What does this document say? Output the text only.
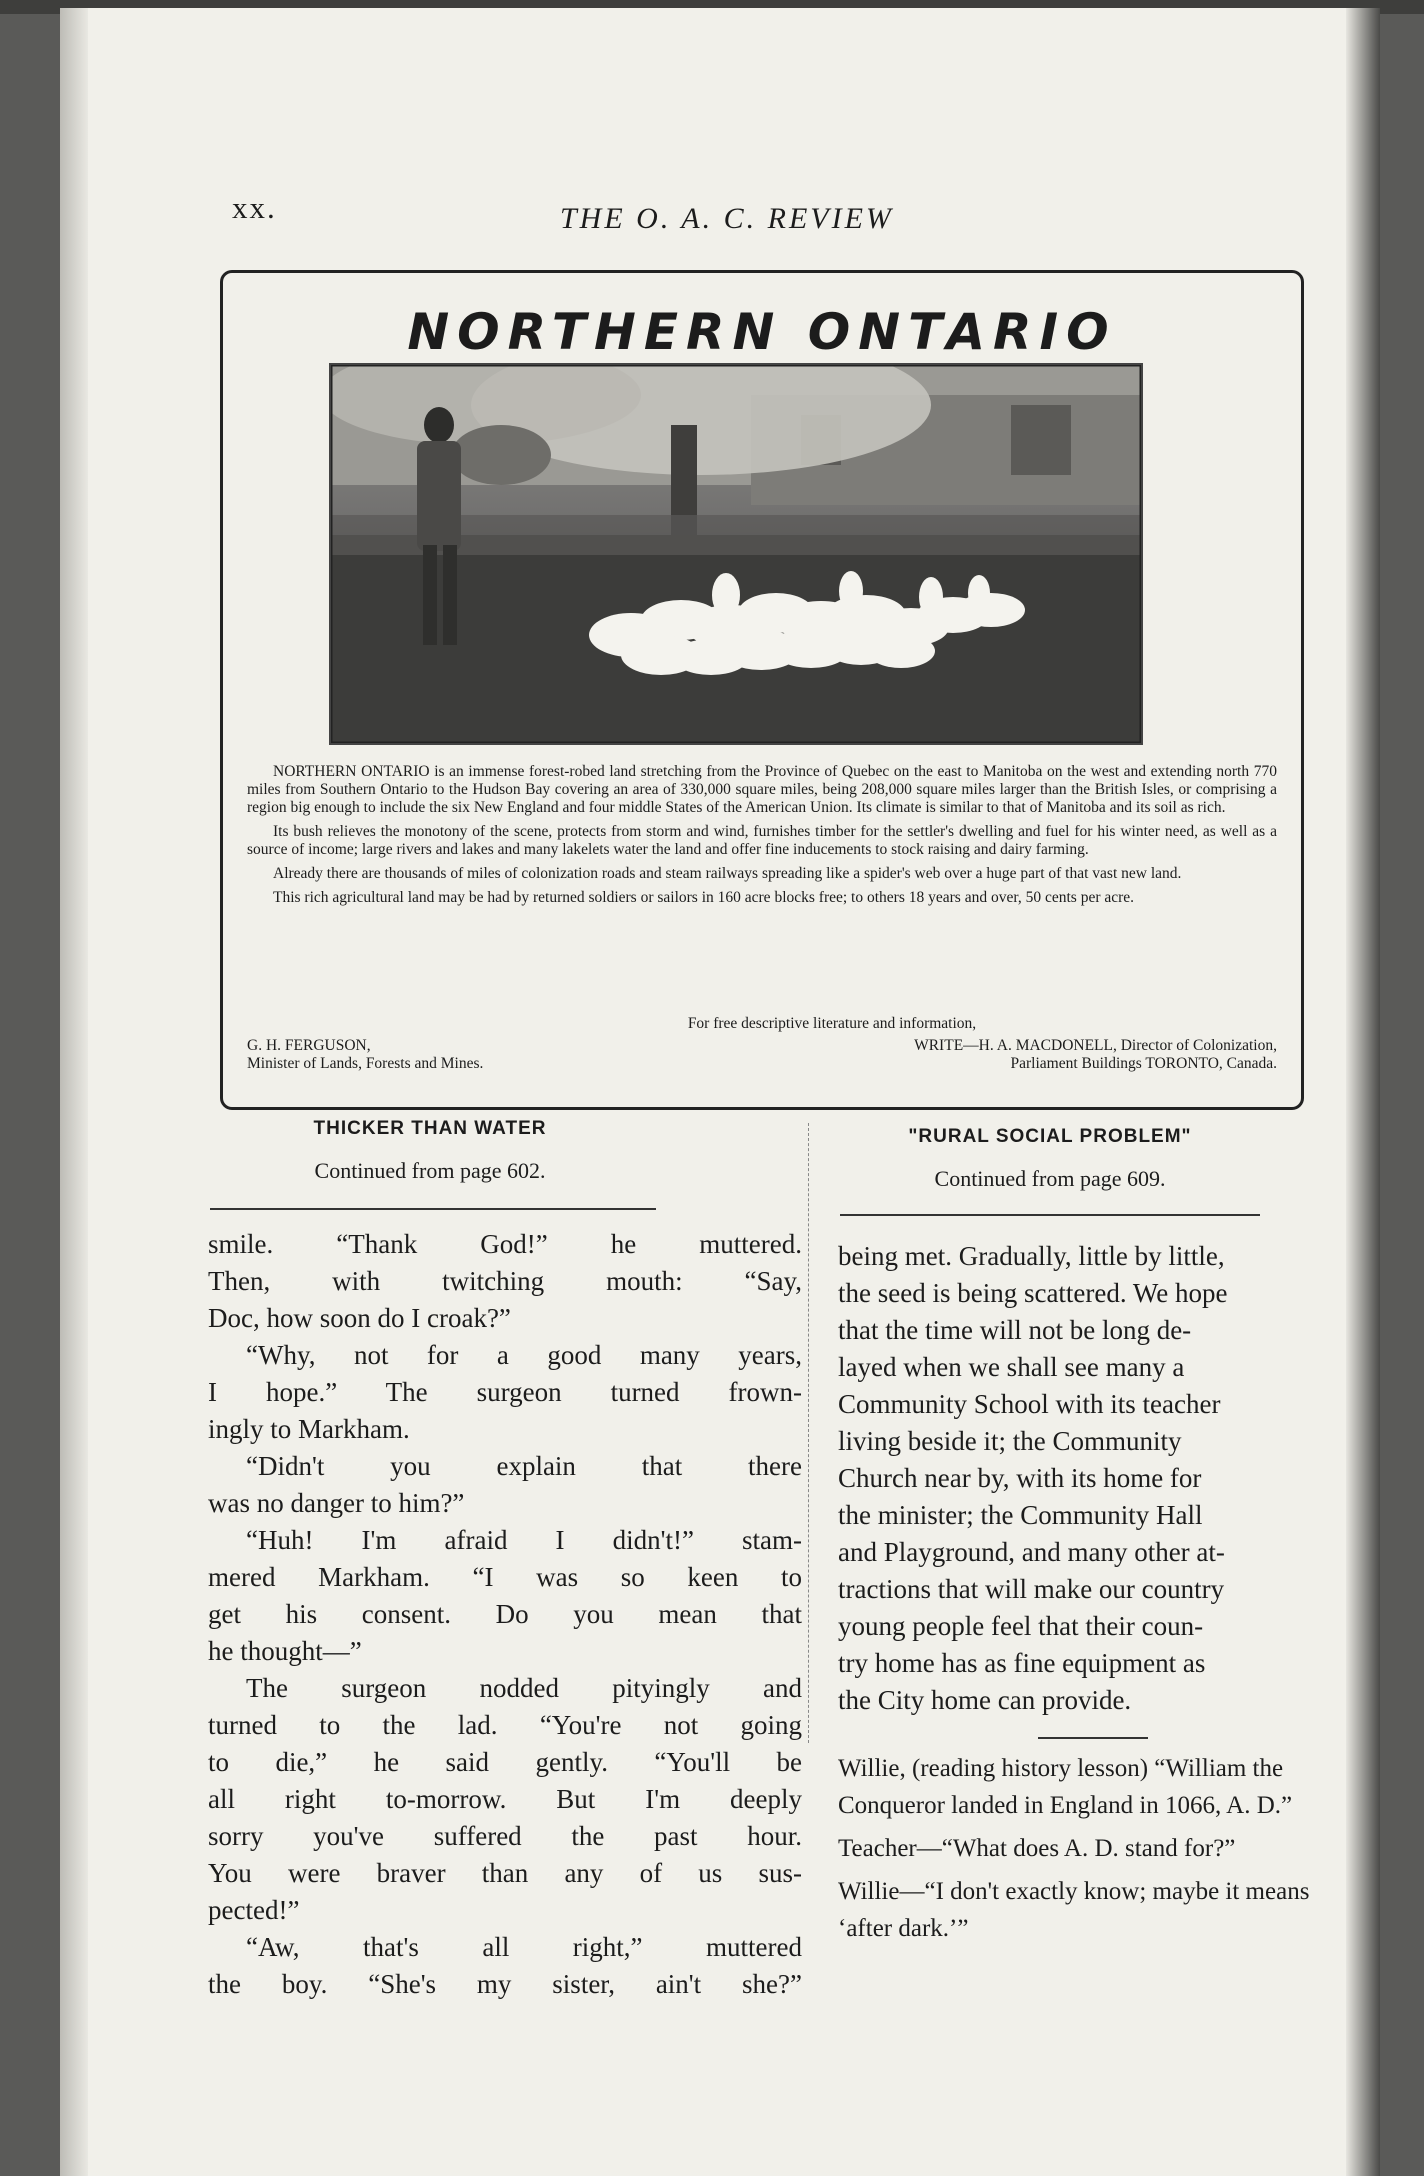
xx.	THE O. A. C. REVIEW
NORTHERN ONTARIO

NORTHERN ONTARIO is an immense forest-robed land stretching from the Province of Quebec on the east to Manitoba on the west and extending north 770 miles from Southern Ontario to the Hudson Bay covering an area of 330,000 square miles, being 208,000 square miles larger than the British Isles, or comprising a region big enough to include the six New England and four middle States of the American Union. Its climate is similar to that of Manitoba and its soil as rich.

Its bush relieves the monotony of the scene, protects from storm and wind, furnishes timber for the settler's dwelling and fuel for his winter need, as well as a source of income; large rivers and lakes and many lakelets water the land and offer fine inducements to stock raising and dairy farming.

Already there are thousands of miles of colonization roads and steam railways spreading like a spider's web over a huge part of that vast new land.

This rich agricultural land may be had by returned soldiers or sailors in 160 acre blocks free; to others 18 years and over, 50 cents per acre.

For free descriptive literature and information,
G. H. FERGUSON,
Minister of Lands, Forests and Mines.
WRITE—H. A. MACDONELL, Director of Colonization,
Parliament Buildings TORONTO, Canada.
THICKER THAN WATER
Continued from page 602.
"RURAL SOCIAL PROBLEM"
Continued from page 609.

smile. “Thank God!” he muttered.

Then, with twitching mouth: “Say,

Doc, how soon do I croak?”

“Why, not for a good many years,

I hope.” The surgeon turned frown-

ingly to Markham.

“Didn't you explain that there

was no danger to him?”

“Huh! I'm afraid I didn't!” stam-

mered Markham. “I was so keen to

get his consent. Do you mean that

he thought—”

The surgeon nodded pityingly and

turned to the lad. “You're not going

to die,” he said gently. “You'll be

all right to-morrow. But I'm deeply

sorry you've suffered the past hour.

You were braver than any of us sus-

pected!”

“Aw, that's all right,” muttered

the boy. “She's my sister, ain't she?”

being met. Gradually, little by little,

the seed is being scattered. We hope

that the time will not be long de-

layed when we shall see many a

Community School with its teacher

living beside it; the Community

Church near by, with its home for

the minister; the Community Hall

and Playground, and many other at-

tractions that will make our country

young people feel that their coun-

try home has as fine equipment as

the City home can provide.

Willie, (reading history lesson) “William the Conqueror landed in England in 1066, A. D.”

Teacher—“What does A. D. stand for?”

Willie—“I don't exactly know; maybe it means ‘after dark.’”
